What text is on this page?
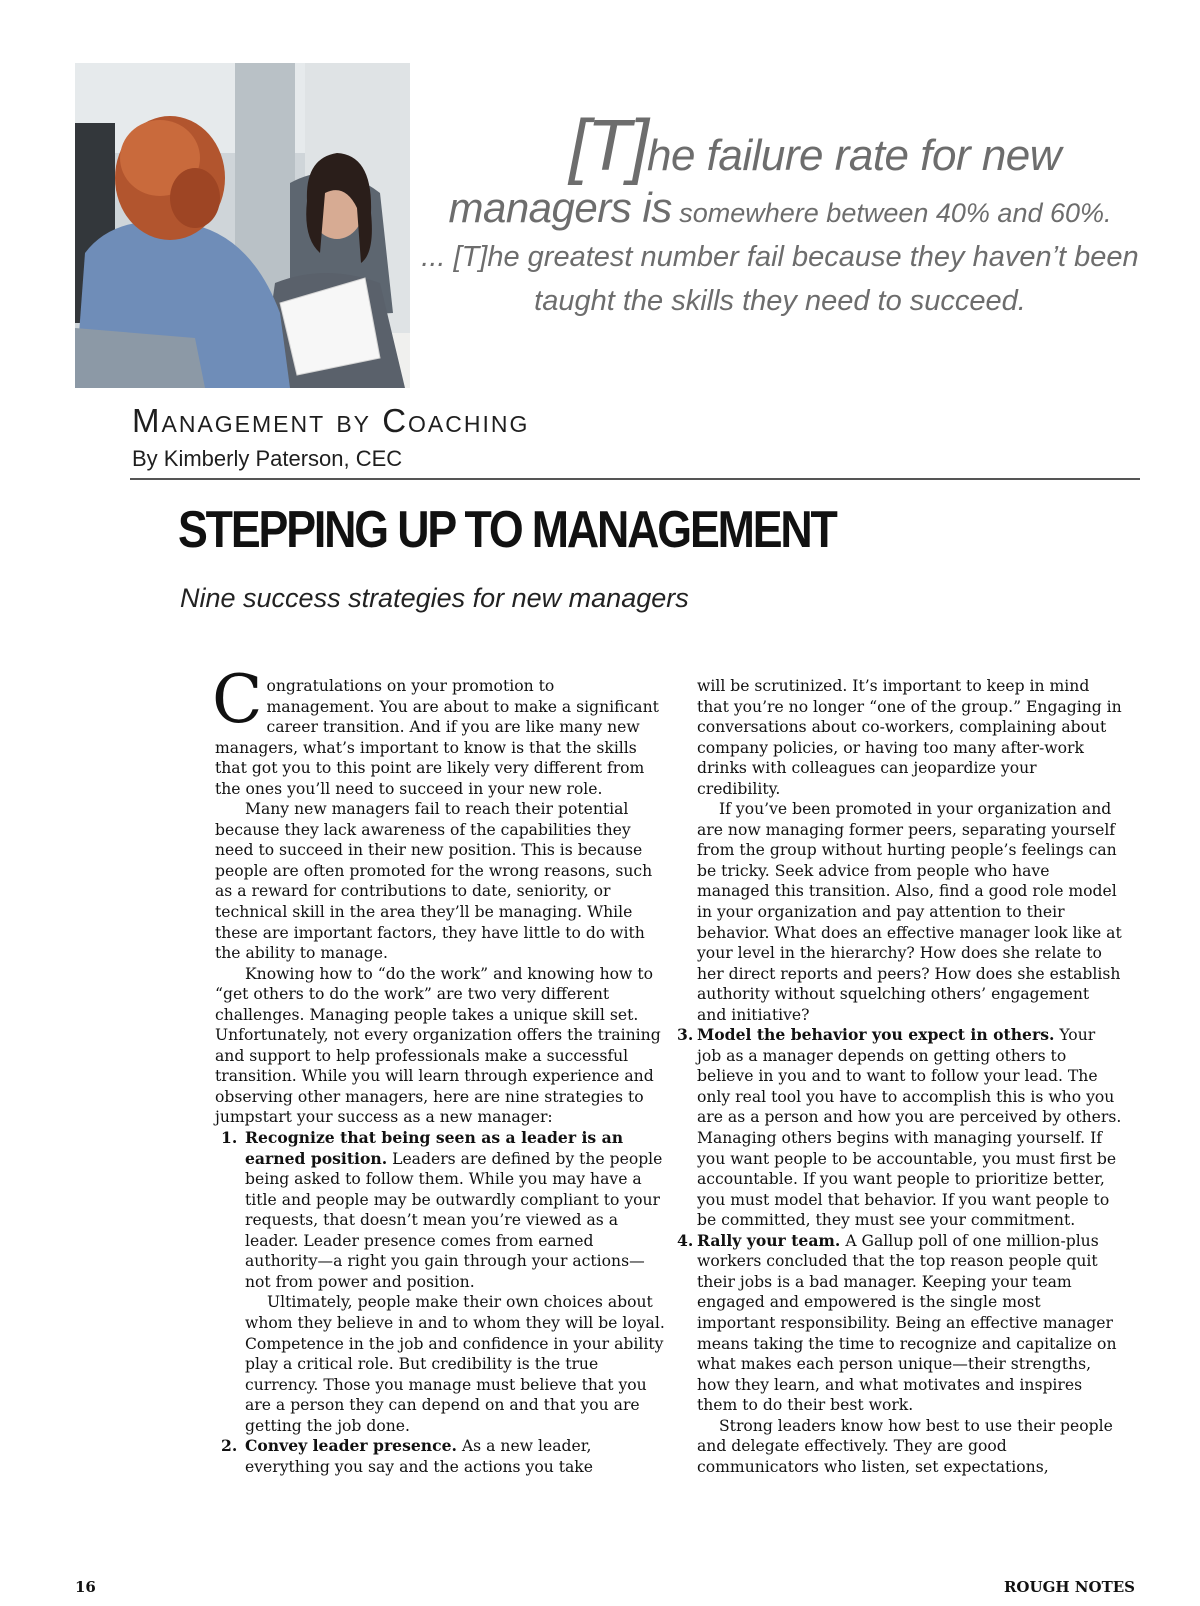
[T]he failure rate for new
managers is somewhere between 40% and 60%.
... [T]he greatest number fail because they haven’t been
taught the skills they need to succeed.
Management by Coaching
By Kimberly Paterson, CEC
STEPPING UP TO MANAGEMENT
Nine success strategies for new managers

Congratulations on your promotion to management. You are about to make a significant career transition. And if you are like many new managers, what’s important to know is that the skills that got you to this point are likely very different from the ones you’ll need to succeed in your new role.

Many new managers fail to reach their potential because they lack awareness of the capabilities they need to succeed in their new position. This is because people are often promoted for the wrong reasons, such as a reward for contributions to date, seniority, or technical skill in the area they’ll be managing. While these are important factors, they have little to do with the ability to manage.

Knowing how to “do the work” and knowing how to “get others to do the work” are two very different challenges. Managing people takes a unique skill set. Unfortunately, not every organization offers the training and support to help professionals make a successful transition. While you will learn through experience and observing other managers, here are nine strategies to jumpstart your success as a new manager:

1. Recognize that being seen as a leader is an earned position. Leaders are defined by the people being asked to follow them. While you may have a title and people may be outwardly compliant to your requests, that doesn’t mean you’re viewed as a leader. Leader presence comes from earned authority—a right you gain through your actions—not from power and position.

Ultimately, people make their own choices about whom they believe in and to whom they will be loyal. Competence in the job and confidence in your ability play a critical role. But credibility is the true currency. Those you manage must believe that you are a person they can depend on and that you are getting the job done.

2. Convey leader presence. As a new leader, everything you say and the actions you take

will be scrutinized. It’s important to keep in mind that you’re no longer “one of the group.” Engaging in conversations about co-workers, complaining about company policies, or having too many after-work drinks with colleagues can jeopardize your credibility.

If you’ve been promoted in your organization and are now managing former peers, separating yourself from the group without hurting people’s feelings can be tricky. Seek advice from people who have managed this transition. Also, find a good role model in your organization and pay attention to their behavior. What does an effective manager look like at your level in the hierarchy? How does she relate to her direct reports and peers? How does she establish authority without squelching others’ engagement and initiative?

3. Model the behavior you expect in others. Your job as a manager depends on getting others to believe in you and to want to follow your lead. The only real tool you have to accomplish this is who you are as a person and how you are perceived by others. Managing others begins with managing yourself. If you want people to be accountable, you must first be accountable. If you want people to prioritize better, you must model that behavior. If you want people to be committed, they must see your commitment.
4. Rally your team. A Gallup poll of one million-plus workers concluded that the top reason people quit their jobs is a bad manager. Keeping your team engaged and empowered is the single most important responsibility. Being an effective manager means taking the time to recognize and capitalize on what makes each person unique—their strengths, how they learn, and what motivates and inspires them to do their best work.

Strong leaders know how best to use their people and delegate effectively. They are good communicators who listen, set expectations,

16	ROUGH NOTES
